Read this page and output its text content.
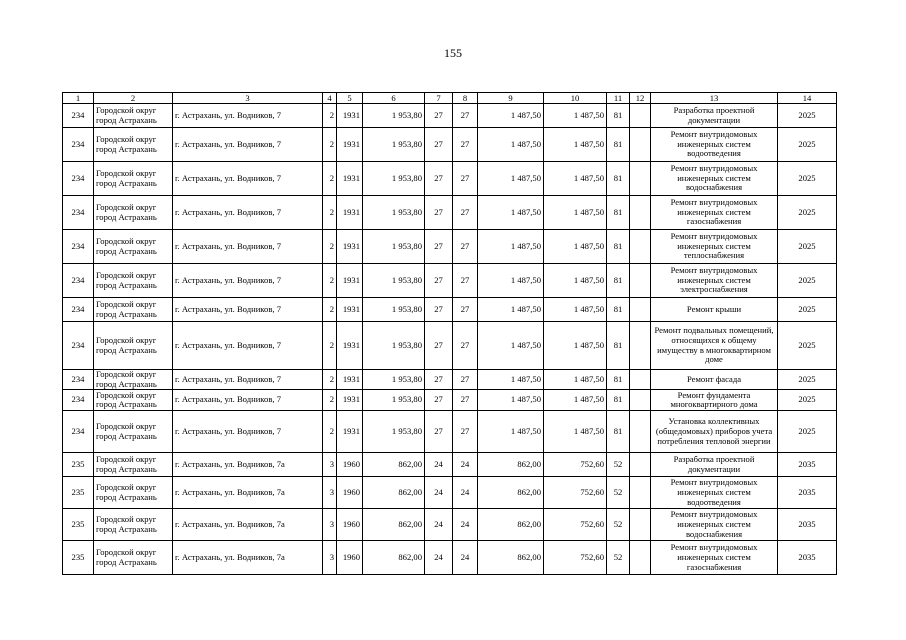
155
1	2	3	4	5	6	7	8	9	10	11	12	13	14
234	Городской округ город Астрахань	г. Астрахань, ул. Водников, 7	2	1931	1 953,80	27	27	1 487,50	1 487,50	81		Разработка проектной документации	2025
234	Городской округ город Астрахань	г. Астрахань, ул. Водников, 7	2	1931	1 953,80	27	27	1 487,50	1 487,50	81		Ремонт внутридомовых инженерных систем водоотведения	2025
234	Городской округ город Астрахань	г. Астрахань, ул. Водников, 7	2	1931	1 953,80	27	27	1 487,50	1 487,50	81		Ремонт внутридомовых инженерных систем водоснабжения	2025
234	Городской округ город Астрахань	г. Астрахань, ул. Водников, 7	2	1931	1 953,80	27	27	1 487,50	1 487,50	81		Ремонт внутридомовых инженерных систем газоснабжения	2025
234	Городской округ город Астрахань	г. Астрахань, ул. Водников, 7	2	1931	1 953,80	27	27	1 487,50	1 487,50	81		Ремонт внутридомовых инженерных систем теплоснабжения	2025
234	Городской округ город Астрахань	г. Астрахань, ул. Водников, 7	2	1931	1 953,80	27	27	1 487,50	1 487,50	81		Ремонт внутридомовых инженерных систем электроснабжения	2025
234	Городской округ город Астрахань	г. Астрахань, ул. Водников, 7	2	1931	1 953,80	27	27	1 487,50	1 487,50	81		Ремонт крыши	2025
234	Городской округ город Астрахань	г. Астрахань, ул. Водников, 7	2	1931	1 953,80	27	27	1 487,50	1 487,50	81		Ремонт подвальных помещений, относящихся к общему имуществу в многоквартирном доме	2025
234	Городской округ город Астрахань	г. Астрахань, ул. Водников, 7	2	1931	1 953,80	27	27	1 487,50	1 487,50	81		Ремонт фасада	2025
234	Городской округ город Астрахань	г. Астрахань, ул. Водников, 7	2	1931	1 953,80	27	27	1 487,50	1 487,50	81		Ремонт фундамента многоквартирного дома	2025
234	Городской округ город Астрахань	г. Астрахань, ул. Водников, 7	2	1931	1 953,80	27	27	1 487,50	1 487,50	81		Установка коллективных (общедомовых) приборов учета потребления тепловой энергии	2025
235	Городской округ город Астрахань	г. Астрахань, ул. Водников, 7а	3	1960	862,00	24	24	862,00	752,60	52		Разработка проектной документации	2035
235	Городской округ город Астрахань	г. Астрахань, ул. Водников, 7а	3	1960	862,00	24	24	862,00	752,60	52		Ремонт внутридомовых инженерных систем водоотведения	2035
235	Городской округ город Астрахань	г. Астрахань, ул. Водников, 7а	3	1960	862,00	24	24	862,00	752,60	52		Ремонт внутридомовых инженерных систем водоснабжения	2035
235	Городской округ город Астрахань	г. Астрахань, ул. Водников, 7а	3	1960	862,00	24	24	862,00	752,60	52		Ремонт внутридомовых инженерных систем газоснабжения	2035
